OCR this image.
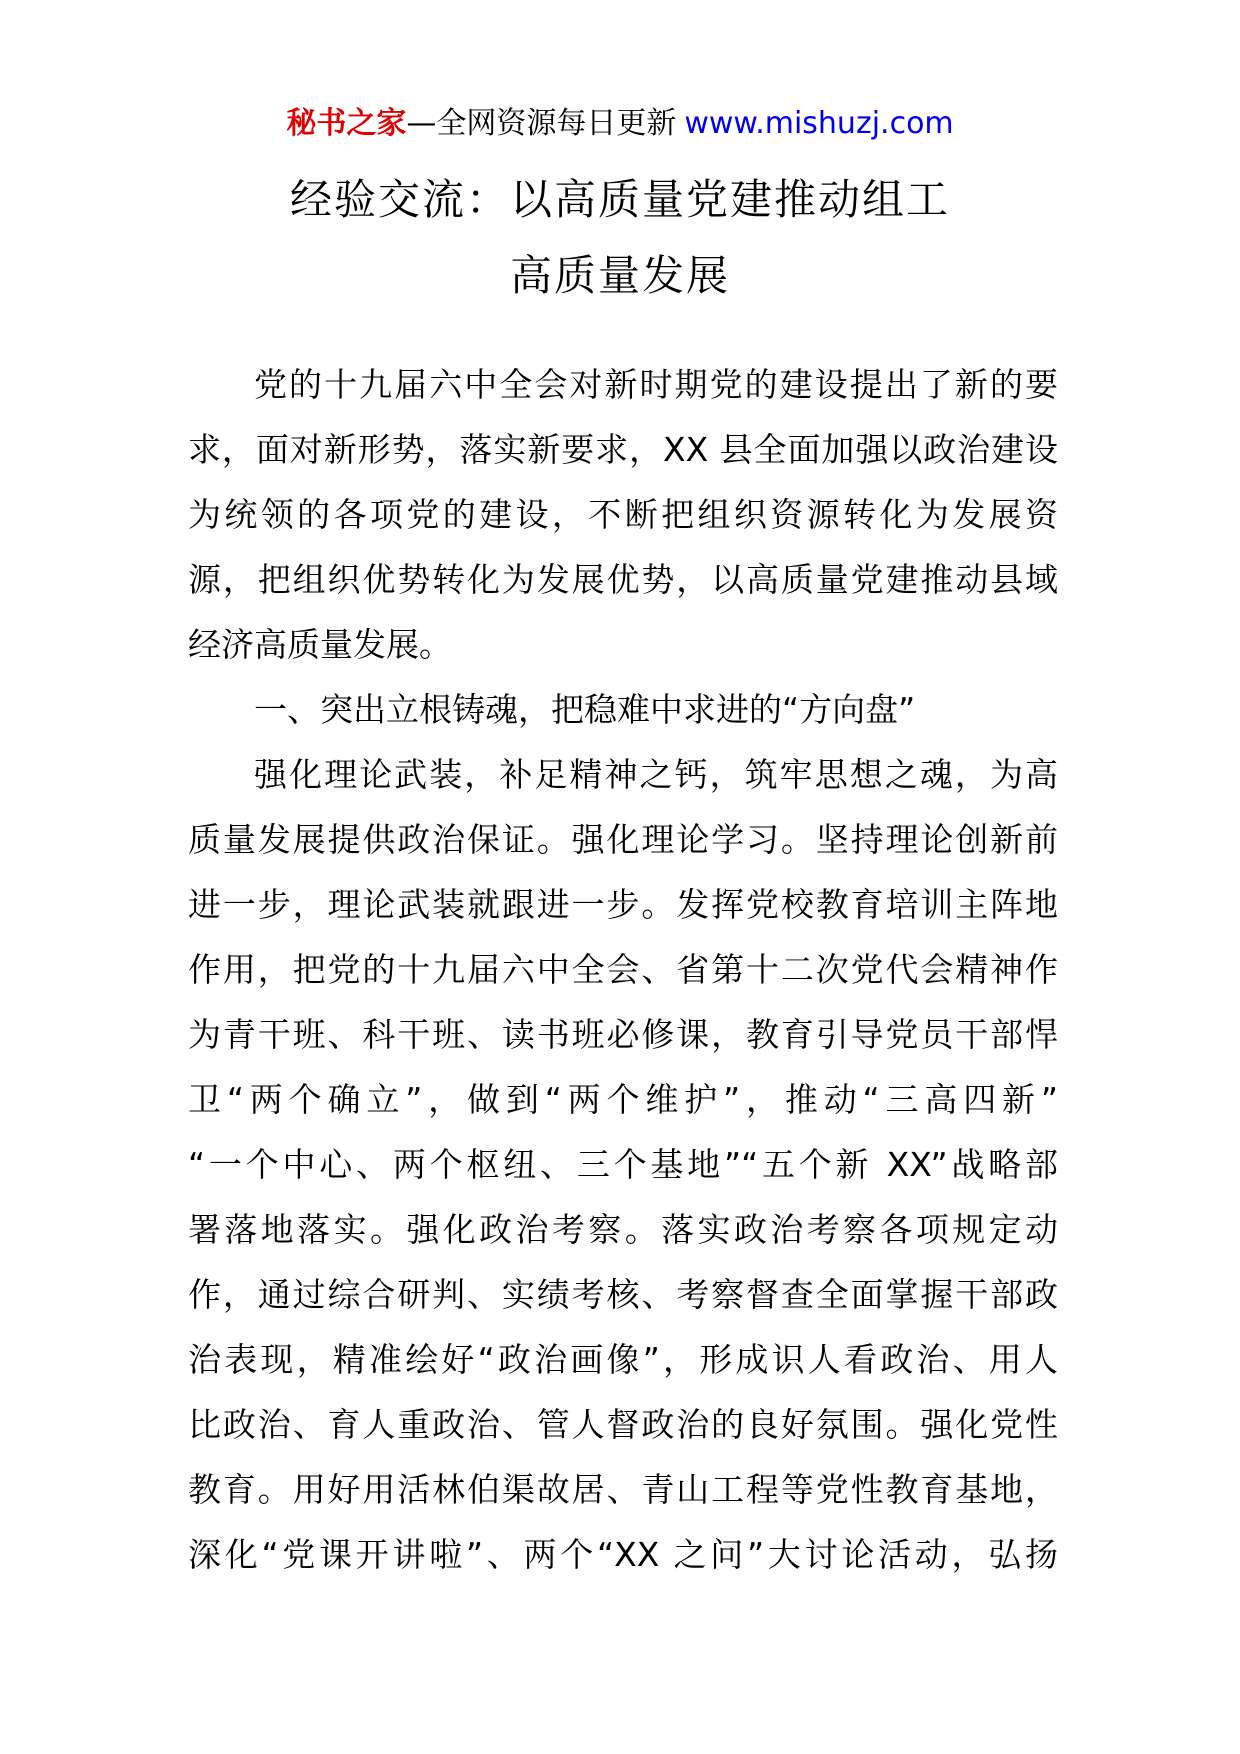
秘书之家—全网资源每日更新 www.mishuzj.com
经验交流：以高质量党建推动组工
高质量发展
党的十九届六中全会对新时期党的建设提出了新的要
求，面对新形势，落实新要求，XX 县全面加强以政治建设
为统领的各项党的建设，不断把组织资源转化为发展资
源，把组织优势转化为发展优势，以高质量党建推动县域
经济高质量发展。
一、突出立根铸魂，把稳难中求进的“方向盘”
强化理论武装，补足精神之钙，筑牢思想之魂，为高
质量发展提供政治保证。强化理论学习。坚持理论创新前
进一步，理论武装就跟进一步。发挥党校教育培训主阵地
作用，把党的十九届六中全会、省第十二次党代会精神作
为青干班、科干班、读书班必修课，教育引导党员干部悍
卫“两个确立”，做到“两个维护”，推动“三高四新”
“一个中心、两个枢纽、三个基地”“五个新 XX”战略部
署落地落实。强化政治考察。落实政治考察各项规定动
作，通过综合研判、实绩考核、考察督查全面掌握干部政
治表现，精准绘好“政治画像”，形成识人看政治、用人
比政治、育人重政治、管人督政治的良好氛围。强化党性
教育。用好用活林伯渠故居、青山工程等党性教育基地，
深化“党课开讲啦”、两个“XX 之问”大讨论活动，弘扬
